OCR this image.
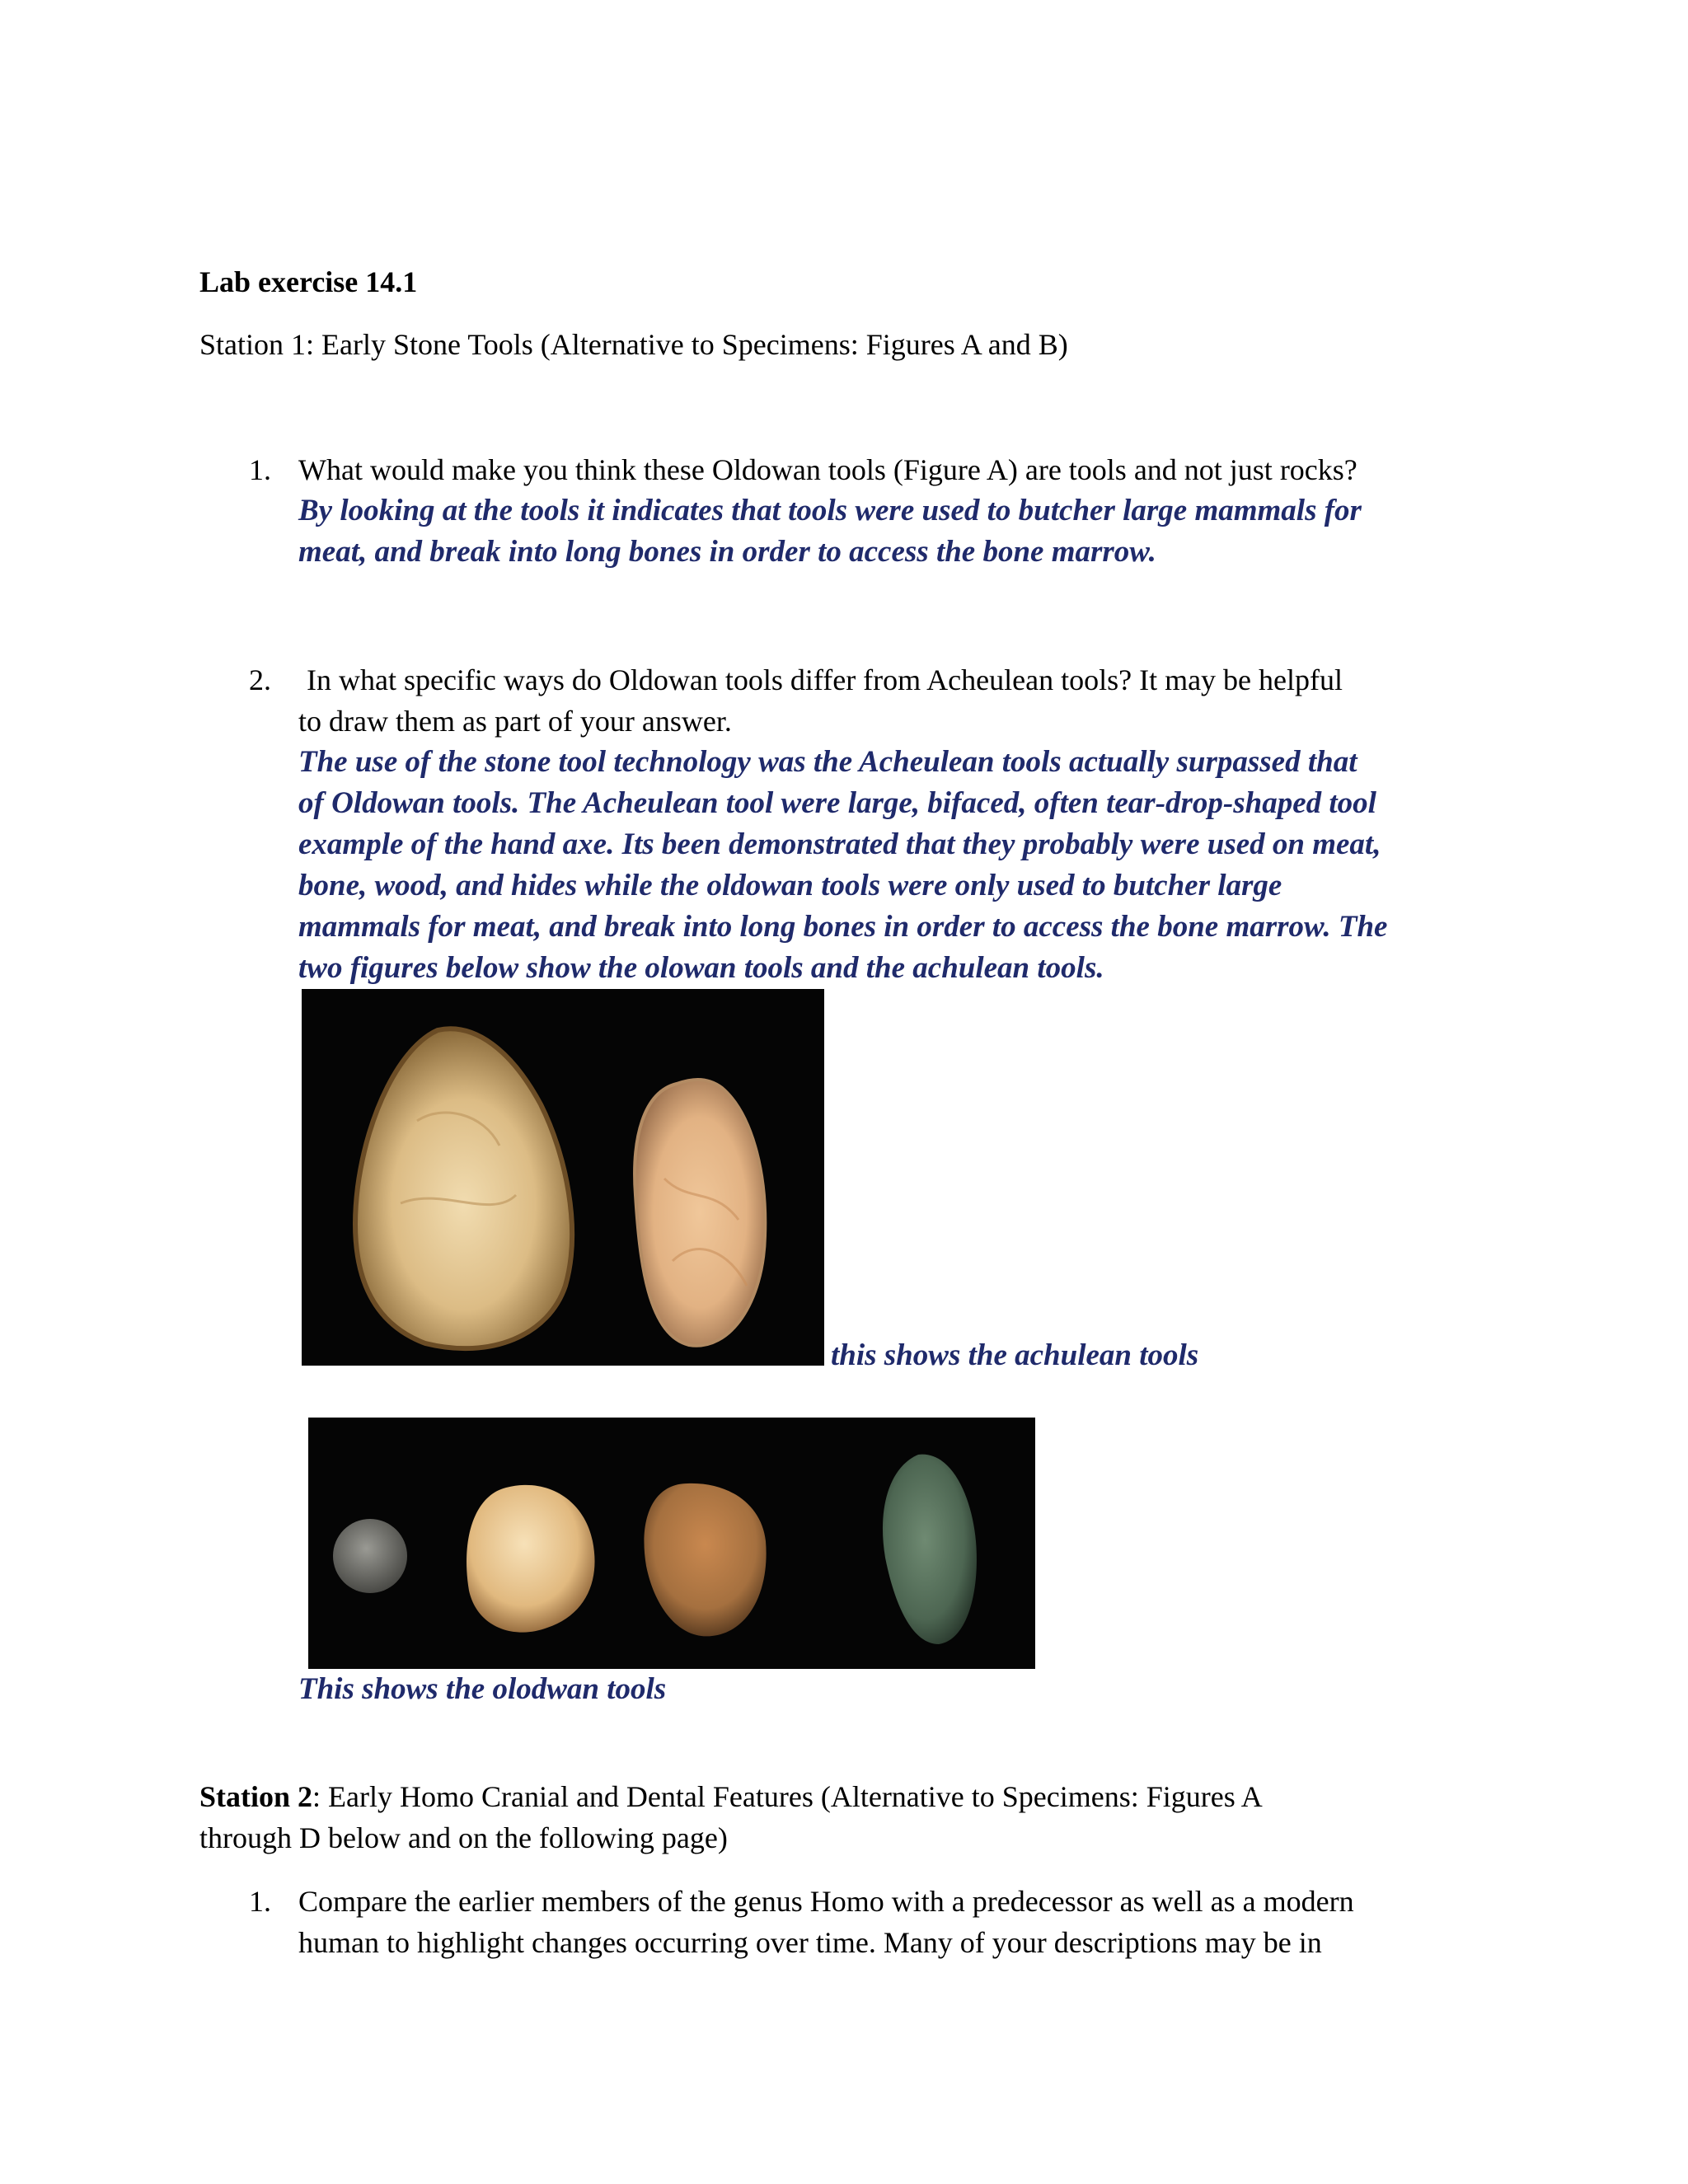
Lab exercise 14.1
Station 1: Early Stone Tools (Alternative to Specimens: Figures A and B)
1. What would make you think these Oldowan tools (Figure A) are tools and not just rocks?
By looking at the tools it indicates that tools were used to butcher large mammals for
meat, and break into long bones in order to access the bone marrow.
2. In what specific ways do Oldowan tools differ from Acheulean tools? It may be helpful
to draw them as part of your answer.
The use of the stone tool technology was the Acheulean tools actually surpassed that
of Oldowan tools. The Acheulean tool were large, bifaced, often tear-drop-shaped tool
example of the hand axe. Its been demonstrated that they probably were used on meat,
bone, wood, and hides while the oldowan tools were only used to butcher large
mammals for meat, and break into long bones in order to access the bone marrow. The
two figures below show the olowan tools and the achulean tools.
this shows the achulean tools
This shows the olodwan tools
Station 2: Early Homo Cranial and Dental Features (Alternative to Specimens: Figures A
through D below and on the following page)
1. Compare the earlier members of the genus Homo with a predecessor as well as a modern
human to highlight changes occurring over time. Many of your descriptions may be in
